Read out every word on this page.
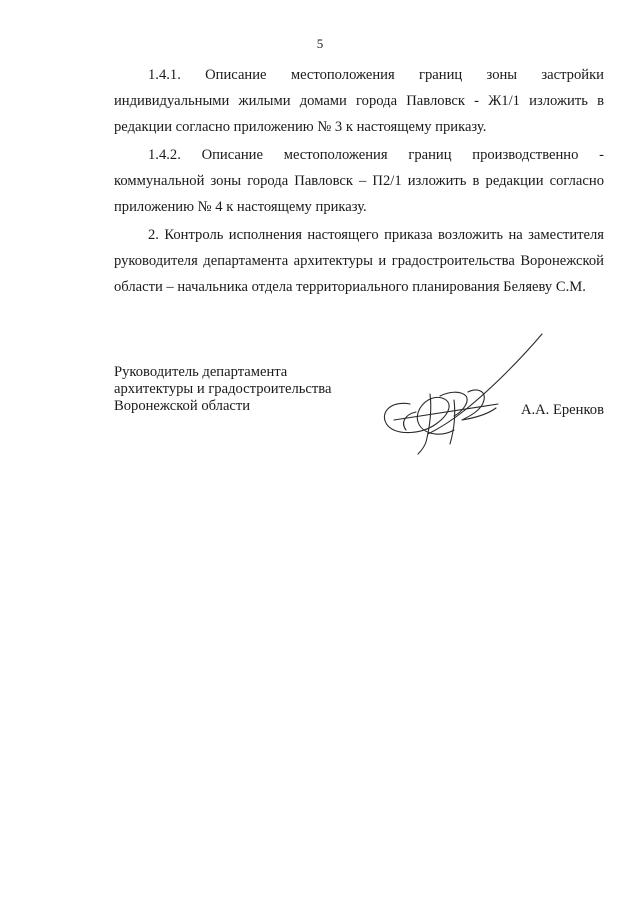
5

1.4.1. Описание местоположения границ зоны застройки индивидуальными жилыми домами города Павловск - Ж1/1 изложить в редакции согласно приложению № 3 к настоящему приказу.

1.4.2. Описание местоположения границ производственно - коммунальной зоны города Павловск – П2/1 изложить в редакции согласно приложению № 4 к настоящему приказу.

2. Контроль исполнения настоящего приказа возложить на заместителя руководителя департамента архитектуры и градостроительства Воронежской области – начальника отдела территориального планирования Беляеву С.М.

Руководитель департамента
архитектуры и градостроительства
Воронежской области	А.А. Еренков
